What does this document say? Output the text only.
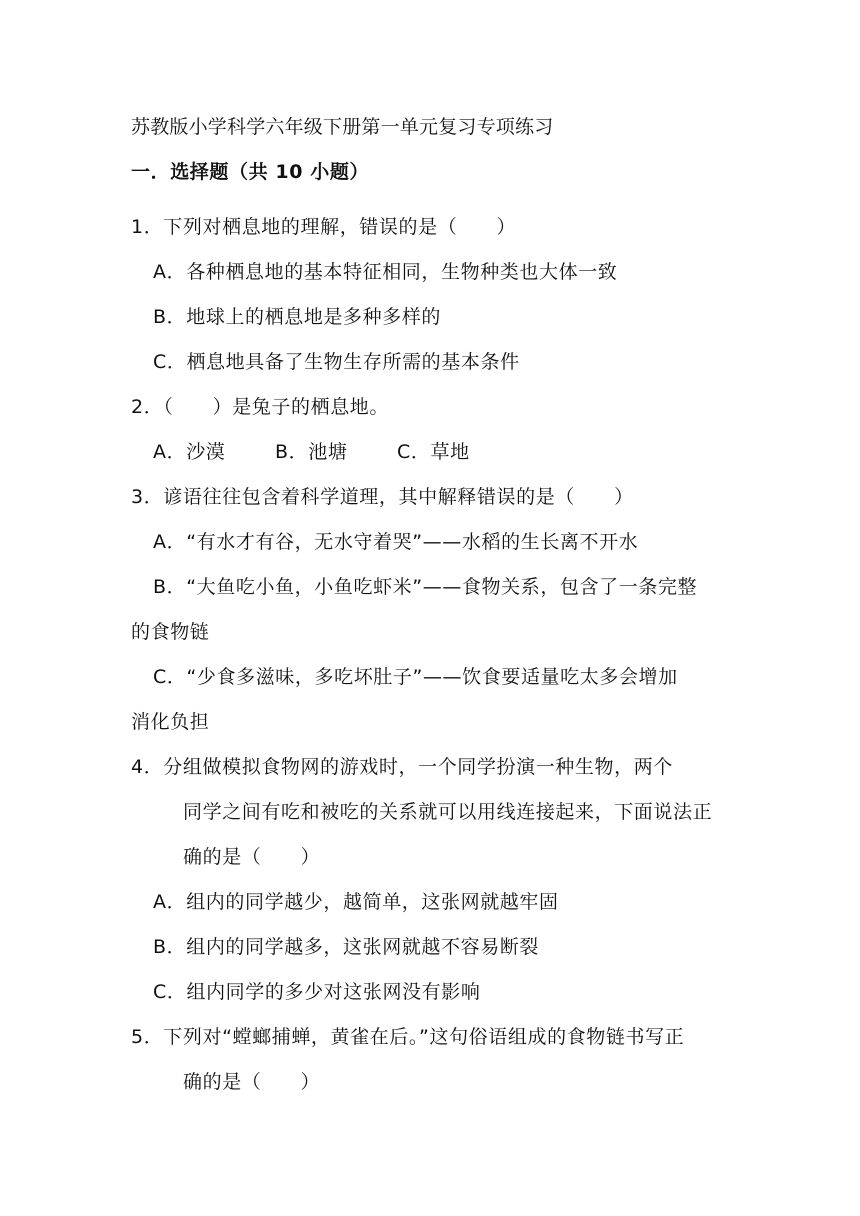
苏教版小学科学六年级下册第一单元复习专项练习
一．选择题（共 10 小题）
1．下列对栖息地的理解，错误的是（　　）
A．各种栖息地的基本特征相同，生物种类也大体一致
B．地球上的栖息地是多种多样的
C．栖息地具备了生物生存所需的基本条件
2．（　　）是兔子的栖息地。
A．沙漠	B．池塘	C．草地
3．谚语往往包含着科学道理，其中解释错误的是（　　）
A．“有水才有谷，无水守着哭”——水稻的生长离不开水
B．“大鱼吃小鱼，小鱼吃虾米”——食物关系，包含了一条完整
的食物链
C．“少食多滋味，多吃坏肚子”——饮食要适量吃太多会增加
消化负担
4．分组做模拟食物网的游戏时，一个同学扮演一种生物，两个
同学之间有吃和被吃的关系就可以用线连接起来，下面说法正
确的是（　　）
A．组内的同学越少，越简单，这张网就越牢固
B．组内的同学越多，这张网就越不容易断裂
C．组内同学的多少对这张网没有影响
5．下列对“螳螂捕蝉，黄雀在后。”这句俗语组成的食物链书写正
确的是（　　）
